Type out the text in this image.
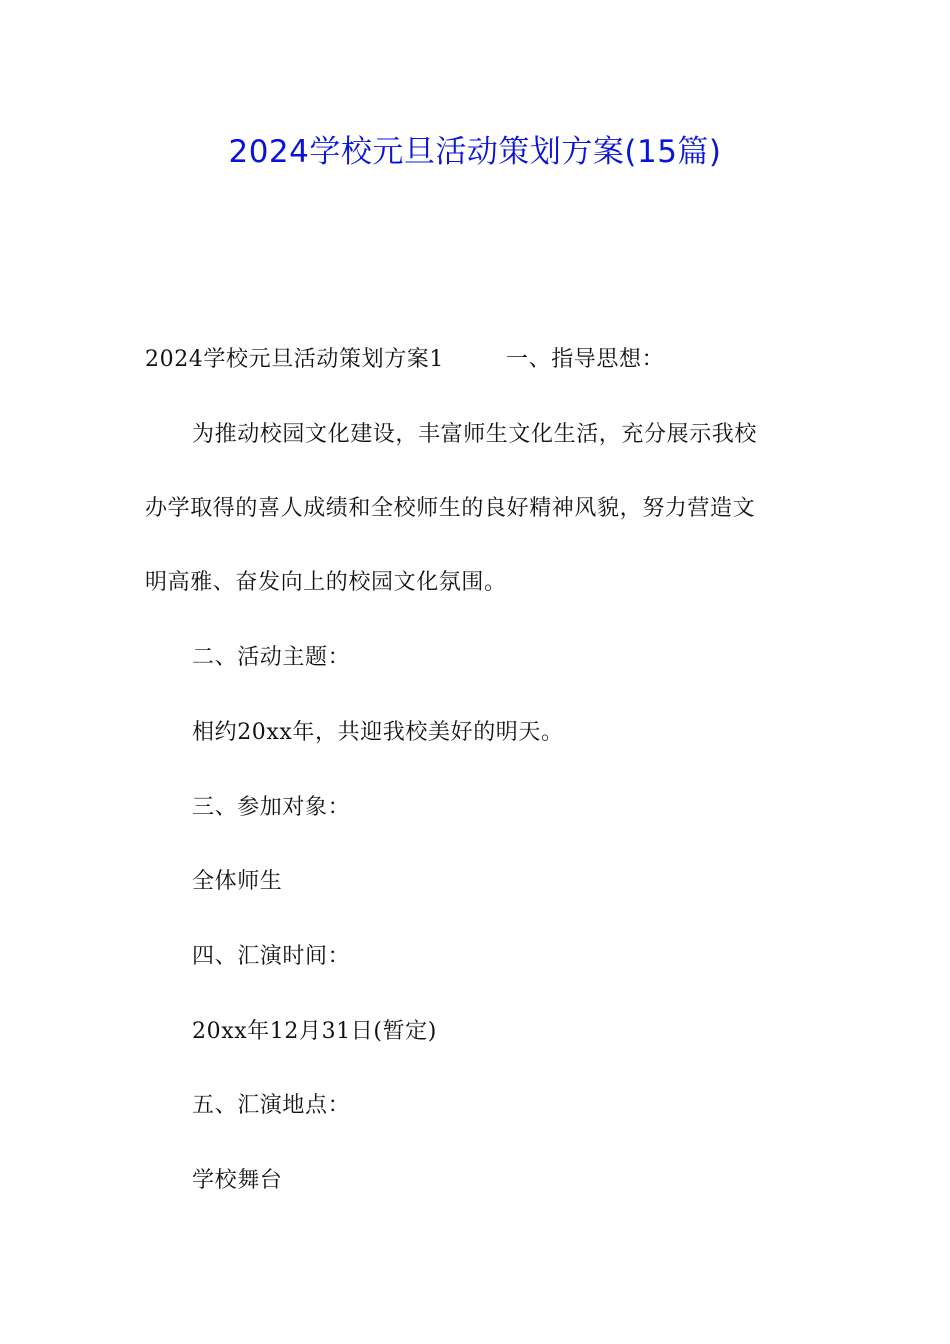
2024学校元旦活动策划方案(15篇)
2024学校元旦活动策划方案1	一、指导思想：
为推动校园文化建设，丰富师生文化生活，充分展示我校
办学取得的喜人成绩和全校师生的良好精神风貌，努力营造文
明高雅、奋发向上的校园文化氛围。
二、活动主题：
相约20xx年，共迎我校美好的明天。
三、参加对象：
全体师生
四、汇演时间：
20xx年12月31日(暂定)
五、汇演地点：
学校舞台
